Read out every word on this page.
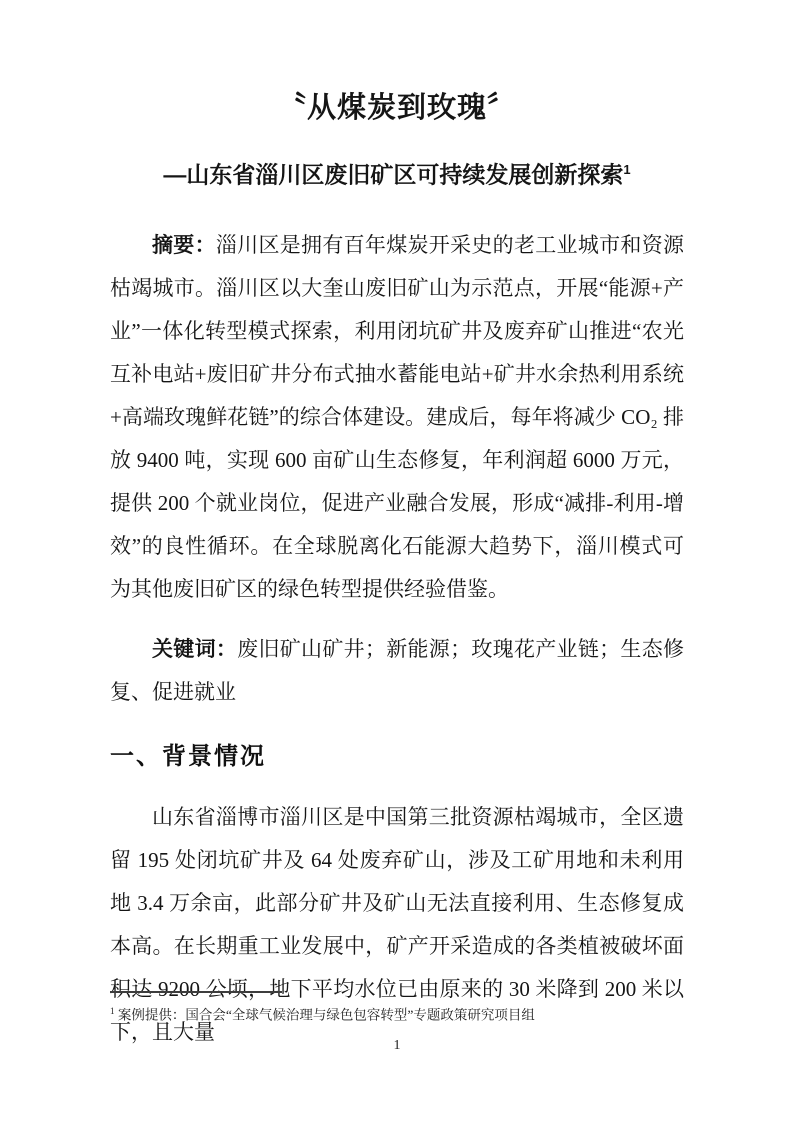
〝从煤炭到玫瑰〞
—山东省淄川区废旧矿区可持续发展创新探索$^1$

摘要：淄川区是拥有百年煤炭开采史的老工业城市和资源枯竭城市。淄川区以大奎山废旧矿山为示范点，开展“能源+产业”一体化转型模式探索，利用闭坑矿井及废弃矿山推进“农光互补电站+废旧矿井分布式抽水蓄能电站+矿井水余热利用系统+高端玫瑰鲜花链”的综合体建设。建成后，每年将减少 CO₂ 排放 9400 吨，实现 600 亩矿山生态修复，年利润超 6000 万元，提供 200 个就业岗位，促进产业融合发展，形成“减排-利用-增效”的良性循环。在全球脱离化石能源大趋势下，淄川模式可为其他废旧矿区的绿色转型提供经验借鉴。

关键词：废旧矿山矿井；新能源；玫瑰花产业链；生态修复、促进就业

一、背景情况

山东省淄博市淄川区是中国第三批资源枯竭城市，全区遗留 195 处闭坑矿井及 64 处废弃矿山，涉及工矿用地和未利用地 3.4 万余亩，此部分矿井及矿山无法直接利用、生态修复成本高。在长期重工业发展中，矿产开采造成的各类植被破坏面积达 9200 公顷，地下平均水位已由原来的 30 米降到 200 米以下，且大量

$^1$ 案例提供：国合会“全球气候治理与绿色包容转型”专题政策研究项目组

1
